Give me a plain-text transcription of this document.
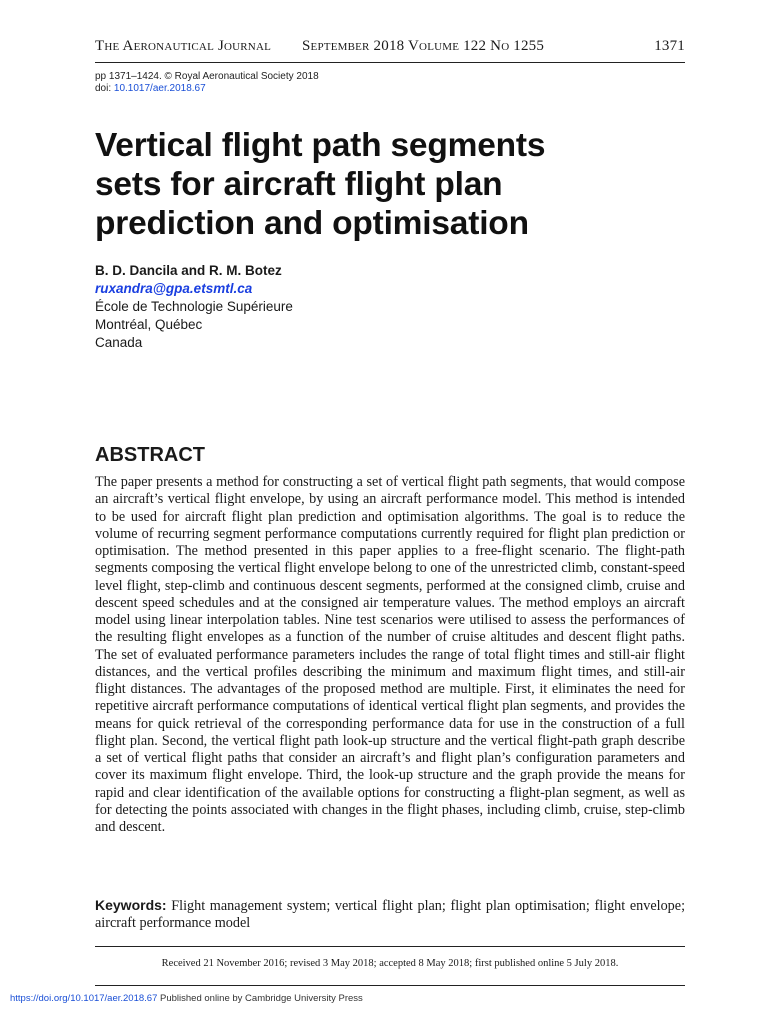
The Aeronautical Journal September 2018 Volume 122 No 1255	1371
pp 1371–1424. © Royal Aeronautical Society 2018
doi: 10.1017/aer.2018.67
Vertical flight path segments
sets for aircraft flight plan
prediction and optimisation
B. D. Dancila and R. M. Botez
ruxandra@gpa.etsmtl.ca
École de Technologie Supérieure
Montréal, Québec
Canada
ABSTRACT

The paper presents a method for constructing a set of vertical flight path segments, that would compose an aircraft’s vertical flight envelope, by using an aircraft performance model. This method is intended to be used for aircraft flight plan prediction and optimisation algorithms. The goal is to reduce the volume of recurring segment performance computations currently required for flight plan prediction or optimisation. The method presented in this paper applies to a free-flight scenario. The flight-path segments composing the vertical flight envelope belong to one of the unrestricted climb, constant-speed level flight, step-climb and continuous descent segments, performed at the consigned climb, cruise and descent speed schedules and at the consigned air temperature values. The method employs an aircraft model using linear interpolation tables. Nine test scenarios were utilised to assess the performances of the resulting flight envelopes as a function of the number of cruise altitudes and descent flight paths. The set of evaluated performance parameters includes the range of total flight times and still-air flight distances, and the vertical profiles describing the minimum and maximum flight times, and still-air flight distances. The advantages of the proposed method are multiple. First, it eliminates the need for repetitive aircraft performance computations of identical vertical flight plan segments, and provides the means for quick retrieval of the corresponding performance data for use in the construction of a full flight plan. Second, the vertical flight path look-up structure and the vertical flight-path graph describe a set of vertical flight paths that consider an aircraft’s and flight plan’s configuration parameters and cover its maximum flight envelope. Third, the look-up structure and the graph provide the means for rapid and clear identification of the available options for constructing a flight-plan segment, as well as for detecting the points associated with changes in the flight phases, including climb, cruise, step-climb and descent.

Keywords: Flight management system; vertical flight plan; flight plan optimisation; flight envelope; aircraft performance model

Received 21 November 2016; revised 3 May 2018; accepted 8 May 2018; first published online 5 July 2018.
https://doi.org/10.1017/aer.2018.67 Published online by Cambridge University Press
